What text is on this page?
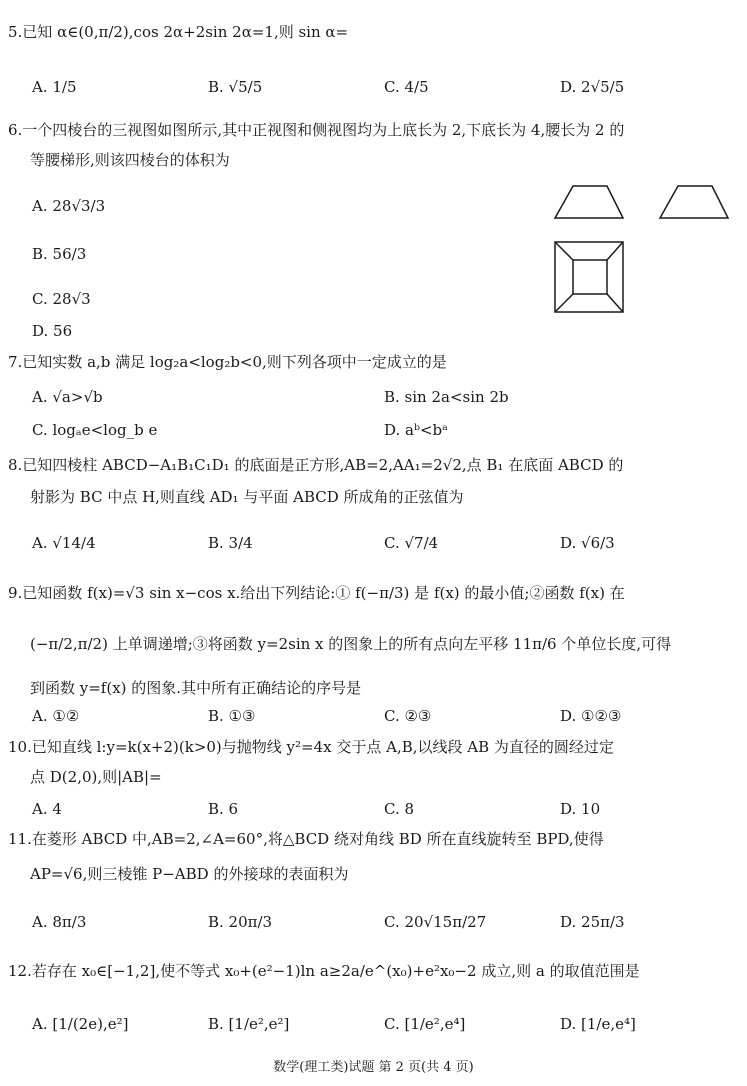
5.已知 α∈(0,π/2),cos 2α+2sin 2α=1,则 sin α=
A. 1/5	B. √5/5	C. 4/5	D. 2√5/5
6.一个四棱台的三视图如图所示,其中正视图和侧视图均为上底长为 2,下底长为 4,腰长为 2 的
等腰梯形,则该四棱台的体积为
A. 28√3/3
B. 56/3
C. 28√3
D. 56
7.已知实数 a,b 满足 log₂a<log₂b<0,则下列各项中一定成立的是
A. √a>√b	B. sin 2a<sin 2b
C. logₐe<log_b e	D. aᵇ<bᵃ
8.已知四棱柱 ABCD−A₁B₁C₁D₁ 的底面是正方形,AB=2,AA₁=2√2,点 B₁ 在底面 ABCD 的
射影为 BC 中点 H,则直线 AD₁ 与平面 ABCD 所成角的正弦值为
A. √14/4	B. 3/4	C. √7/4	D. √6/3
9.已知函数 f(x)=√3 sin x−cos x.给出下列结论:① f(−π/3) 是 f(x) 的最小值;②函数 f(x) 在
(−π/2,π/2) 上单调递增;③将函数 y=2sin x 的图象上的所有点向左平移 11π/6 个单位长度,可得
到函数 y=f(x) 的图象.其中所有正确结论的序号是
A. ①②	B. ①③	C. ②③	D. ①②③
10.已知直线 l:y=k(x+2)(k>0)与抛物线 y²=4x 交于点 A,B,以线段 AB 为直径的圆经过定
点 D(2,0),则|AB|=
A. 4	B. 6	C. 8	D. 10
11.在菱形 ABCD 中,AB=2,∠A=60°,将△BCD 绕对角线 BD 所在直线旋转至 BPD,使得
AP=√6,则三棱锥 P−ABD 的外接球的表面积为
A. 8π/3	B. 20π/3	C. 20√15π/27	D. 25π/3
12.若存在 x₀∈[−1,2],使不等式 x₀+(e²−1)ln a≥2a/e^(x₀)+e²x₀−2 成立,则 a 的取值范围是
A. [1/(2e),e²]	B. [1/e²,e²]	C. [1/e²,e⁴]	D. [1/e,e⁴]
数学(理工类)试题 第 2 页(共 4 页)
